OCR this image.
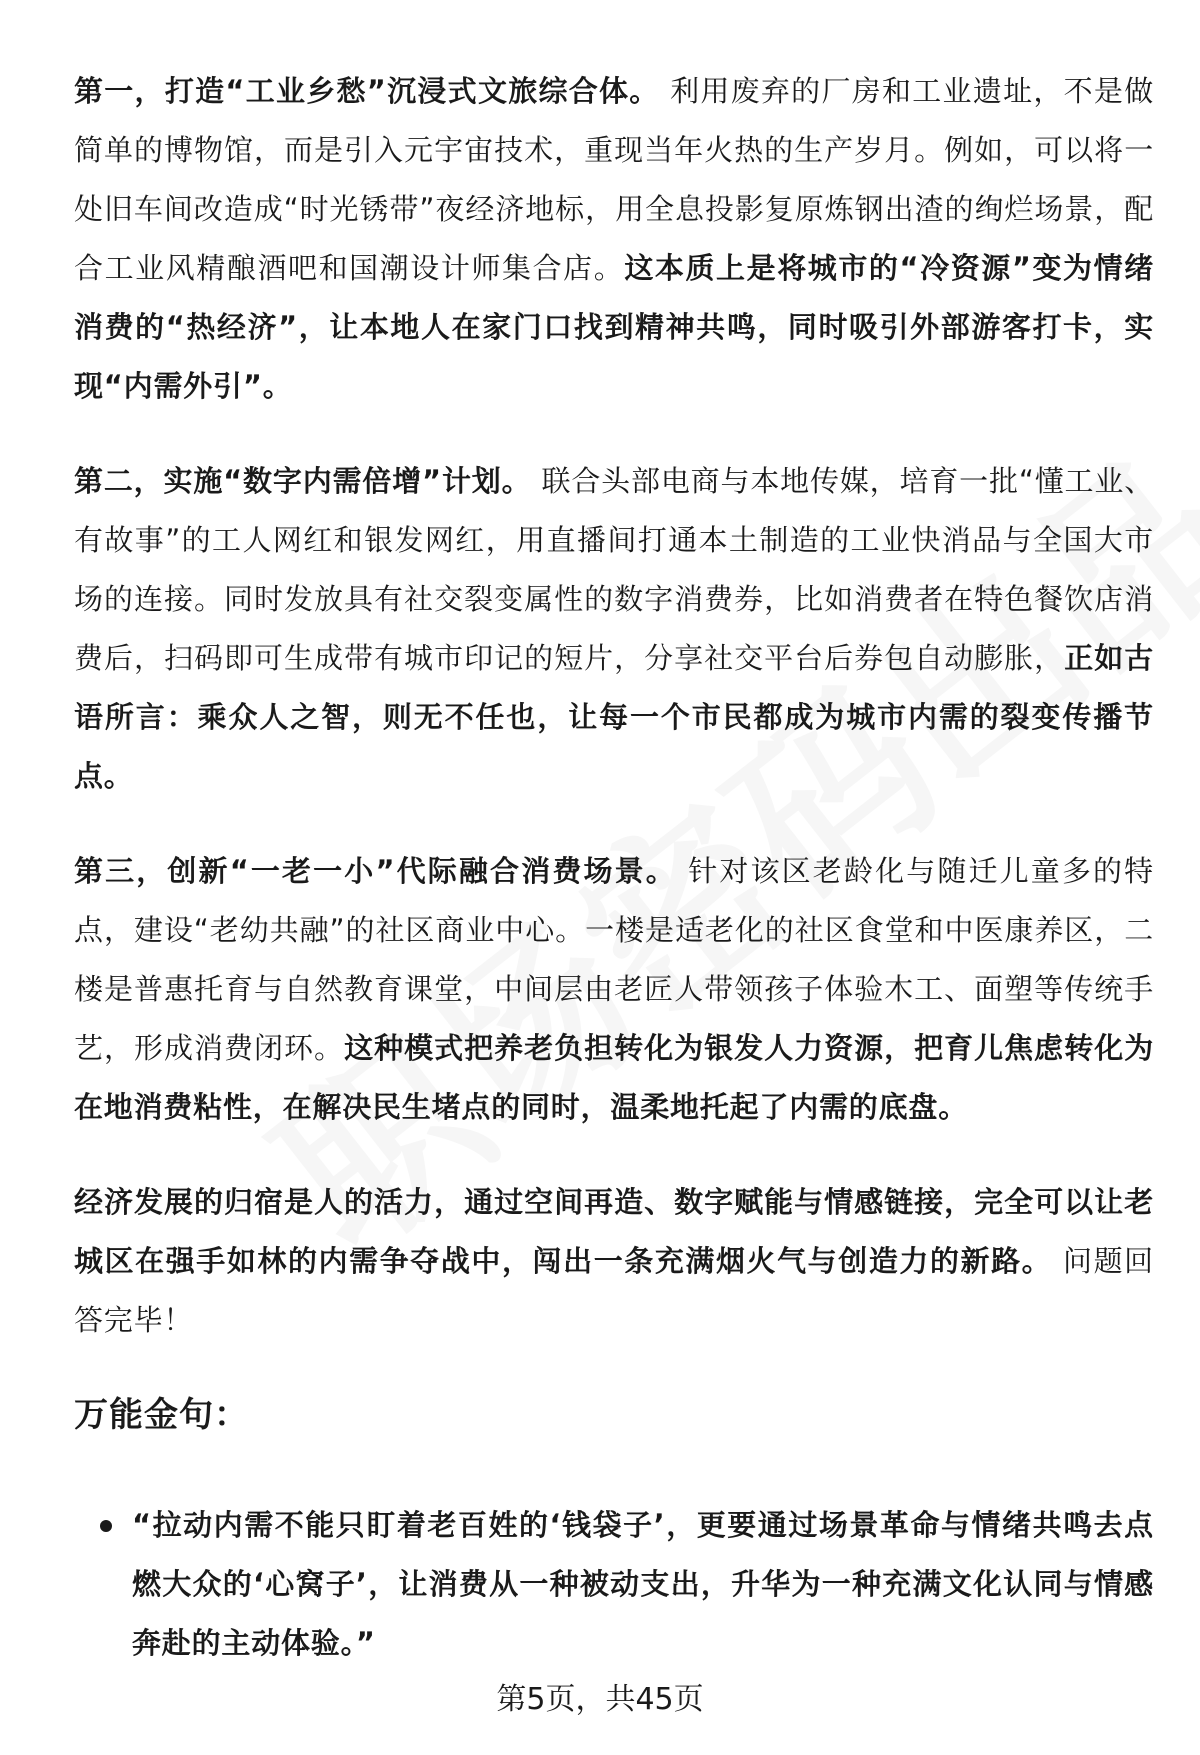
第一，打造“工业乡愁”沉浸式文旅综合体。 利用废弃的厂房和工业遗址，不是做简单的博物馆，而是引入元宇宙技术，重现当年火热的生产岁月。例如，可以将一处旧车间改造成“时光锈带”夜经济地标，用全息投影复原炼钢出渣的绚烂场景，配合工业风精酿酒吧和国潮设计师集合店。这本质上是将城市的“冷资源”变为情绪消费的“热经济”，让本地人在家门口找到精神共鸣，同时吸引外部游客打卡，实现“内需外引”。

第二，实施“数字内需倍增”计划。 联合头部电商与本地传媒，培育一批“懂工业、有故事”的工人网红和银发网红，用直播间打通本土制造的工业快消品与全国大市场的连接。同时发放具有社交裂变属性的数字消费券，比如消费者在特色餐饮店消费后，扫码即可生成带有城市印记的短片，分享社交平台后券包自动膨胀，正如古语所言：乘众人之智，则无不任也，让每一个市民都成为城市内需的裂变传播节点。

第三，创新“一老一小”代际融合消费场景。 针对该区老龄化与随迁儿童多的特点，建设“老幼共融”的社区商业中心。一楼是适老化的社区食堂和中医康养区，二楼是普惠托育与自然教育课堂，中间层由老匠人带领孩子体验木工、面塑等传统手艺，形成消费闭环。这种模式把养老负担转化为银发人力资源，把育儿焦虑转化为在地消费粘性，在解决民生堵点的同时，温柔地托起了内需的底盘。

经济发展的归宿是人的活力，通过空间再造、数字赋能与情感链接，完全可以让老城区在强手如林的内需争夺战中，闯出一条充满烟火气与创造力的新路。 问题回答完毕！

万能金句：
“拉动内需不能只盯着老百姓的‘钱袋子’，更要通过场景革命与情绪共鸣去点燃大众的‘心窝子’，让消费从一种被动支出，升华为一种充满文化认同与情感奔赴的主动体验。”
第5页，共45页
